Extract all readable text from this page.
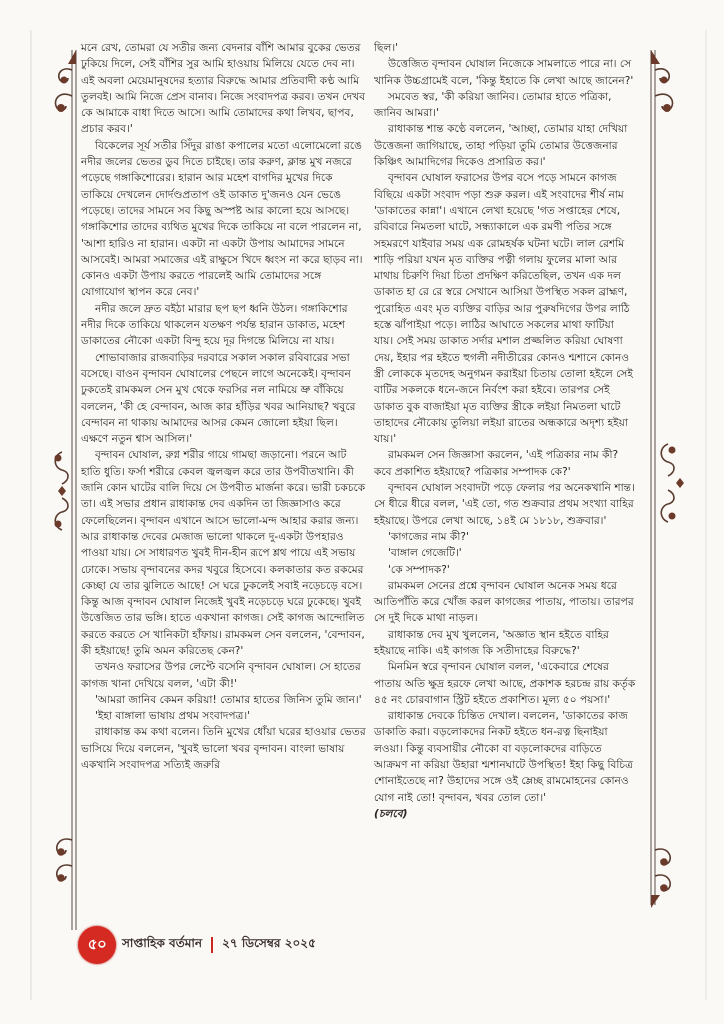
মনে রেখ, তোমরা যে সতীর জন্য বেদনার বাঁশি আমার বুকের ভেতর ঢুকিয়ে দিলে, সেই বাঁশির সুর আমি হাওয়ায় মিলিয়ে যেতে দেব না। এই অবলা মেয়েমানুষদের হত্যার বিরুদ্ধে আমার প্রতিবাদী কণ্ঠ আমি তুলবই। আমি নিজে প্রেস বানাব। নিজে সংবাদপত্র করব। তখন দেখব কে আমাকে বাধা দিতে আসে। আমি তোমাদের কথা লিখব, ছাপব, প্রচার করব।'

বিকেলের সূর্য সতীর সিঁদুর রাঙা কপালের মতো এলোমেলো রঙে নদীর জলের ভেতর ডুব দিতে চাইছে। তার করুণ, ক্লান্ত মুখ নজরে পড়েছে গঙ্গাকিশোরের। হারান আর মহেশ বাগদির মুখের দিকে তাকিয়ে দেখলেন দোর্দণ্ডপ্রতাপ ওই ডাকাত দু'জনও যেন ভেঙে পড়েছে। তাদের সামনে সব কিছু অস্পষ্ট আর কালো হয়ে আসছে। গঙ্গাকিশোর তাদের ব্যথিত মুখের দিকে তাকিয়ে না বলে পারলেন না, 'আশা হারিও না হারান। একটা না একটা উপায় আমাদের সামনে আসবেই। আমরা সমাজের এই রাক্ষুসে খিদে ধ্বংস না করে ছাড়ব না। কোনও একটা উপায় করতে পারলেই আমি তোমাদের সঙ্গে যোগাযোগ স্থাপন করে নেব।'

নদীর জলে দ্রুত বইঠা মারার ছপ ছপ ধ্বনি উঠল। গঙ্গাকিশোর নদীর দিকে তাকিয়ে থাকলেন যতক্ষণ পর্যন্ত হারান ডাকাত, মহেশ ডাকাতের নৌকো একটা বিন্দু হয়ে দূর দিগন্তে মিলিয়ে না যায়।

শোভাবাজার রাজবাড়ির দরবারে সকাল সকাল রবিবারের সভা বসেছে। বাওন বৃন্দাবন ঘোষালের পেছনে লাগে অনেকেই। বৃন্দাবন ঢুকতেই রামকমল সেন মুখ থেকে ফরসির নল নামিয়ে ভ্রু বাঁকিয়ে বললেন, 'কী হে বেন্দাবন, আজ কার হাঁড়ির খবর আনিয়াছ? খবুরে বেন্দাবন না থাকায় আমাদের আসর কেমন জোলো হইয়া ছিল। এক্ষণে নতুন শ্বাস আসিল।'

বৃন্দাবন ঘোষাল, রুগ্ন শরীর গায়ে গামছা জড়ানো। পরনে আট হাতি ধুতি। ফর্সা শরীরে কেবল জ্বলজ্বল করে তার উপবীতখানি। কী জানি কোন ঘাটের বালি দিয়ে সে উপবীত মার্জনা করে। ভারী চকচকে তা। এই সভার প্রধান রাধাকান্ত দেব একদিন তা জিজ্ঞাসাও করে ফেলেছিলেন। বৃন্দাবন এখানে আসে ভালো-মন্দ আহার করার জন্য। আর রাধাকান্ত দেবের মেজাজ ভালো থাকলে দু-একটা উপহারও পাওয়া যায়। সে সাধারণত খুবই দীন-হীন রূপে শ্লথ পায়ে এই সভায় ঢোকে। সভায় বৃন্দাবনের কদর খবুরে হিসেবে। কলকাতার কত রকমের কেচ্ছা যে তার ঝুলিতে আছে! সে ঘরে ঢুকলেই সবাই নড়েচড়ে বসে। কিন্তু আজ বৃন্দাবন ঘোষাল নিজেই খুবই নড়েচড়ে ঘরে ঢুকেছে। খুবই উত্তেজিত তার ভঙ্গি। হাতে একখানা কাগজ। সেই কাগজ আন্দোলিত করতে করতে সে খানিকটা হাঁফায়। রামকমল সেন বললেন, 'বেন্দাবন, কী হইয়াছে! তুমি অমন করিতেছ কেন?'

তখনও ফরাসের উপর লেপ্টে বসেনি বৃন্দাবন ঘোষাল। সে হাতের কাগজ খানা দেখিয়ে বলল, 'এটা কী!'

'আমরা জানিব কেমন করিয়া! তোমার হাতের জিনিস তুমি জান।'

'ইহা বাঙ্গালা ভাষায় প্রথম সংবাদপত্র।'

রাধাকান্ত কম কথা বলেন। তিনি মুখের ধোঁয়া ঘরের হাওয়ার ভেতর ভাসিয়ে দিয়ে বললেন, 'খুবই ভালো খবর বৃন্দাবন। বাংলা ভাষায় একখানি সংবাদপত্র সত্যিই জরুরি

ছিল।'

উত্তেজিত বৃন্দাবন ঘোষাল নিজেকে সামলাতে পারে না। সে খানিক উচ্চগ্রামেই বলে, 'কিন্তু ইহাতে কি লেখা আছে জানেন?'

সমবেত স্বর, 'কী করিয়া জানিব। তোমার হাতে পত্রিকা, জানিব আমরা।'

রাধাকান্ত শান্ত কণ্ঠে বললেন, 'আচ্ছা, তোমার যাহা দেখিয়া উত্তেজনা জাগিয়াছে, তাহা পড়িয়া তুমি তোমার উত্তেজনার কিঞ্চিৎ আমাদিগের দিকেও প্রসারিত কর।'

বৃন্দাবন ঘোষাল ফরাসের উপর বসে পড়ে সামনে কাগজ বিছিয়ে একটা সংবাদ পড়া শুরু করল। এই সংবাদের শীর্ষ নাম 'ডাকাতের কান্না'। এখানে লেখা হয়েছে 'গত সপ্তাহের শেষে, রবিবারে নিমতলা ঘাটে, সন্ধ্যাকালে এক রমণী পতির সঙ্গে সহমরণে যাইবার সময় এক রোমহর্ষক ঘটনা ঘটে। লাল রেশমি শাড়ি পরিয়া যখন মৃত ব্যক্তির পত্নী গলায় ফুলের মালা আর মাথায় চিরুণি দিয়া চিতা প্রদক্ষিণ করিতেছিল, তখন এক দল ডাকাত হা রে রে স্বরে সেখানে আসিয়া উপস্থিত সকল ব্রাহ্মণ, পুরোহিত এবং মৃত ব্যক্তির বাড়ির আর পুরুষদিগের উপর লাঠি হস্তে ঝাঁপাইয়া পড়ে। লাঠির আঘাতে সকলের মাথা ফাটিয়া যায়। সেই সময় ডাকাত সর্দার মশাল প্রজ্জলিত করিয়া ঘোষণা দেয়, ইহার পর হইতে হুগলী নদীতীরের কোনও শ্মশানে কোনও স্ত্রী লোককে মৃতদেহ অনুগমন করাইয়া চিতায় তোলা হইলে সেই বাটির সকলকে ধনে-জনে নির্বংশ করা হইবে। তারপর সেই ডাকাত বুক বাজাইয়া মৃত ব্যক্তির স্ত্রীকে লইয়া নিমতলা ঘাটে তাহাদের নৌকোয় তুলিয়া লইয়া রাতের অন্ধকারে অদৃশ্য হইয়া যায়।'

রামকমল সেন জিজ্ঞাসা করলেন, 'এই পত্রিকার নাম কী? কবে প্রকাশিত হইয়াছে? পত্রিকার সম্পাদক কে?'

বৃন্দাবন ঘোষাল সংবাদটা পড়ে ফেলার পর অনেকখানি শান্ত। সে ধীরে ধীরে বলল, 'এই তো, গত শুক্রবার প্রথম সংখ্যা বাহির হইয়াছে। উপরে লেখা আছে, ১৪ই মে ১৮১৮, শুক্রবার।'

'কাগজের নাম কী?'

'বাঙ্গাল গেজেটি।'

'কে সম্পাদক?'

রামকমল সেনের প্রশ্নে বৃন্দাবন ঘোষাল অনেক সময় ধরে আতিপাঁতি করে খোঁজ করল কাগজের পাতায়, পাতায়। তারপর সে দুই দিকে মাথা নাড়ল।

রাধাকান্ত দেব মুখ খুললেন, 'অজ্ঞাত স্থান হইতে বাহির হইয়াছে নাকি। এই কাগজ কি সতীদাহের বিরুদ্ধে?'

মিনমিন স্বরে বৃন্দাবন ঘোষাল বলল, 'একেবারে শেষের পাতায় অতি ক্ষুদ্র হরফে লেখা আছে, প্রকাশক হরচন্দ্র রায় কর্তৃক ৪৫ নং চোরবাগান স্ট্রিট হইতে প্রকাশিত। মূল্য ৫০ পয়সা।'

রাধাকান্ত দেবকে চিন্তিত দেখাল। বললেন, 'ডাকাতের কাজ ডাকাতি করা। বড়লোকদের নিকট হইতে ধন-রত্ন ছিনাইয়া লওয়া। কিন্তু ব্যবসায়ীর নৌকো বা বড়লোকদের বাড়িতে আক্রমণ না করিয়া উহারা শ্মশানঘাটে উপস্থিত! ইহা কিছু বিচিত্র শোনাইতেছে না? উহাদের সঙ্গে ওই ম্লেচ্ছ রামমোহনের কোনও যোগ নাই তো! বৃন্দাবন, খবর তোল তো।'

(চলবে)

৫০	সাপ্তাহিক বর্তমান ২৭ ডিসেম্বর ২০২৫
